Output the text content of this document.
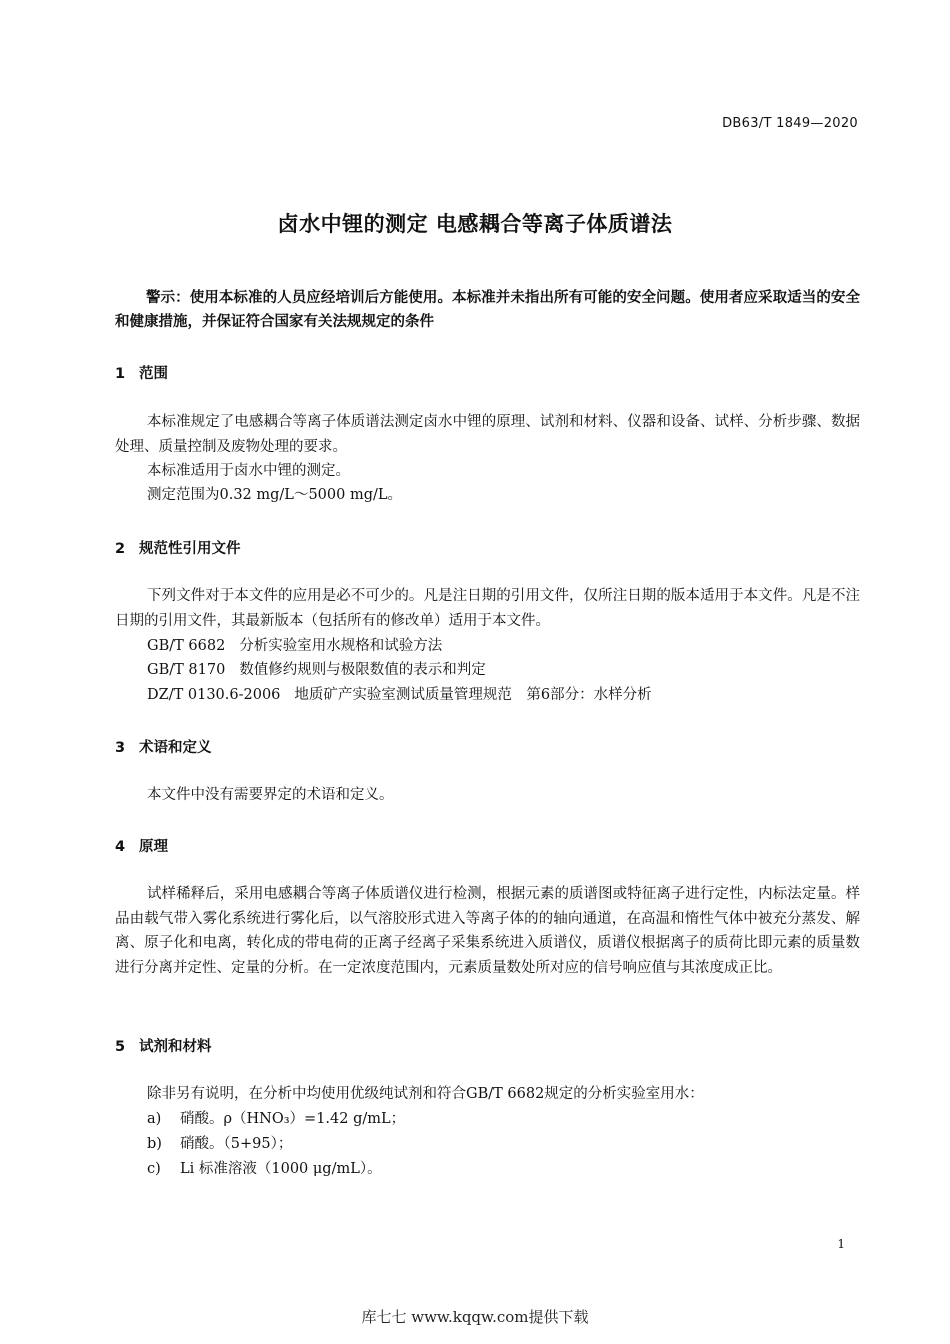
DB63/T 1849—2020
卤水中锂的测定 电感耦合等离子体质谱法
警示：使用本标准的人员应经培训后方能使用。本标准并未指出所有可能的安全问题。使用者应采取适当的安全和健康措施，并保证符合国家有关法规规定的条件
1 范围
本标准规定了电感耦合等离子体质谱法测定卤水中锂的原理、试剂和材料、仪器和设备、试样、分析步骤、数据处理、质量控制及废物处理的要求。
本标准适用于卤水中锂的测定。
测定范围为0.32 mg/L～5000 mg/L。
2 规范性引用文件
下列文件对于本文件的应用是必不可少的。凡是注日期的引用文件，仅所注日期的版本适用于本文件。凡是不注日期的引用文件，其最新版本（包括所有的修改单）适用于本文件。
GB/T 6682 分析实验室用水规格和试验方法
GB/T 8170 数值修约规则与极限数值的表示和判定
DZ/T 0130.6-2006 地质矿产实验室测试质量管理规范　第6部分：水样分析
3 术语和定义
本文件中没有需要界定的术语和定义。
4 原理
试样稀释后，采用电感耦合等离子体质谱仪进行检测，根据元素的质谱图或特征离子进行定性，内标法定量。样品由载气带入雾化系统进行雾化后，以气溶胶形式进入等离子体的的轴向通道，在高温和惰性气体中被充分蒸发、解离、原子化和电离，转化成的带电荷的正离子经离子采集系统进入质谱仪，质谱仪根据离子的质荷比即元素的质量数进行分离并定性、定量的分析。在一定浓度范围内，元素质量数处所对应的信号响应值与其浓度成正比。
5 试剂和材料
除非另有说明，在分析中均使用优级纯试剂和符合GB/T 6682规定的分析实验室用水：
a) 硝酸。ρ（HNO₃）=1.42 g/mL；
b) 硝酸。（5+95）；
c) Li 标准溶液（1000 μg/mL）。
1
库七七 www.kqqw.com提供下载
